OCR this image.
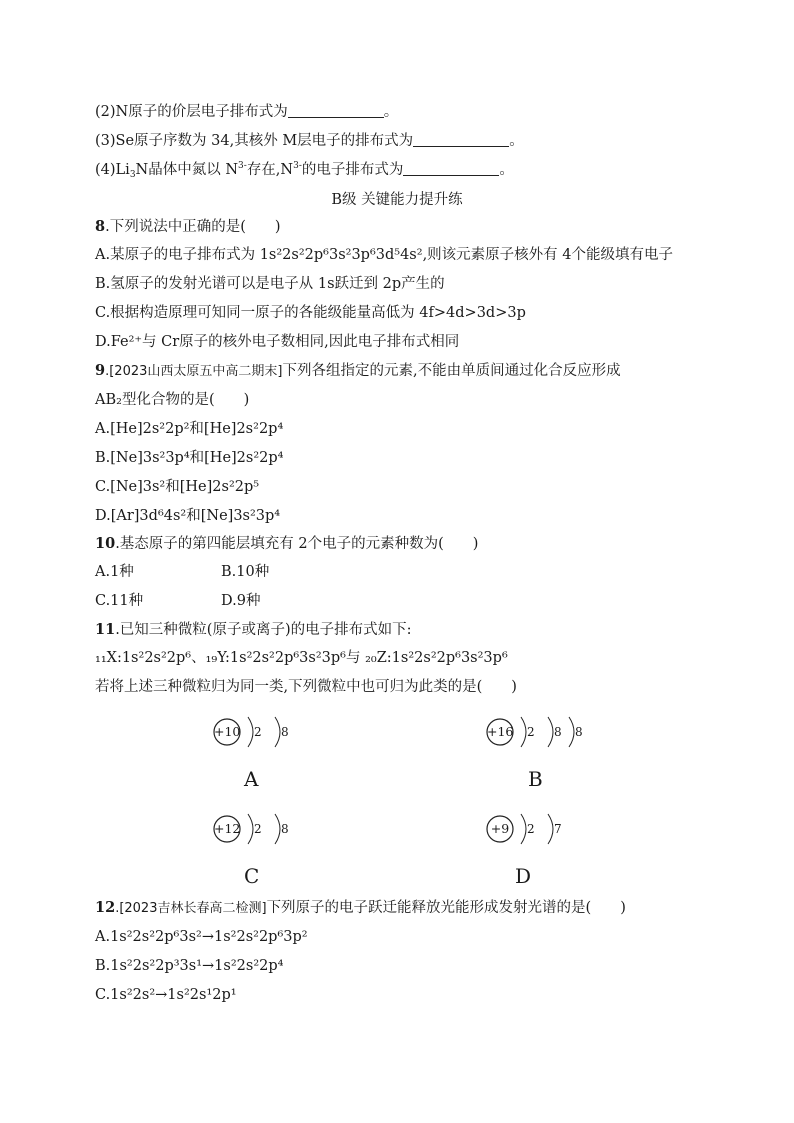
(2)N原子的价层电子排布式为	。
(3)Se原子序数为 34,其核外 M层电子的排布式为	。
$(4)Li_3N$晶体中氮以 $N^{3-}$存在$,N^{3-}$的电子排布式为	。
B级 关键能力提升练
8.下列说法中正确的是(　　)
A.某原子的电子排布式为 1s²2s²2p⁶3s²3p⁶3d⁵4s²,则该元素原子核外有 4个能级填有电子
B.氢原子的发射光谱可以是电子从 1s跃迁到 2p产生的
C.根据构造原理可知同一原子的各能级能量高低为 4f>4d>3d>3p
D.Fe²⁺与 Cr原子的核外电子数相同,因此电子排布式相同
9.[2023山西太原五中高二期末]下列各组指定的元素,不能由单质间通过化合反应形成
AB₂型化合物的是(　　)
A.[He]2s²2p²和[He]2s²2p⁴
B.[Ne]3s²3p⁴和[He]2s²2p⁴
C.[Ne]3s²和[He]2s²2p⁵
D.[Ar]3d⁶4s²和[Ne]3s²3p⁴
10.基态原子的第四能层填充有 2个电子的元素种数为(　　)
A.1种	B.10种
C.11种	D.9种
11.已知三种微粒(原子或离子)的电子排布式如下:
₁₁X:1s²2s²2p⁶、₁₉Y:1s²2s²2p⁶3s²3p⁶与 ₂₀Z:1s²2s²2p⁶3s²3p⁶
若将上述三种微粒归为同一类,下列微粒中也可归为此类的是(　　)
+10 2 8
A
+16 2 8 8
B
+12 2 8
C
+9	2 7
D
12.[2023吉林长春高二检测]下列原子的电子跃迁能释放光能形成发射光谱的是(　　)
A.1s²2s²2p⁶3s²→1s²2s²2p⁶3p²
B.1s²2s²2p³3s¹→1s²2s²2p⁴
C.1s²2s²→1s²2s¹2p¹
